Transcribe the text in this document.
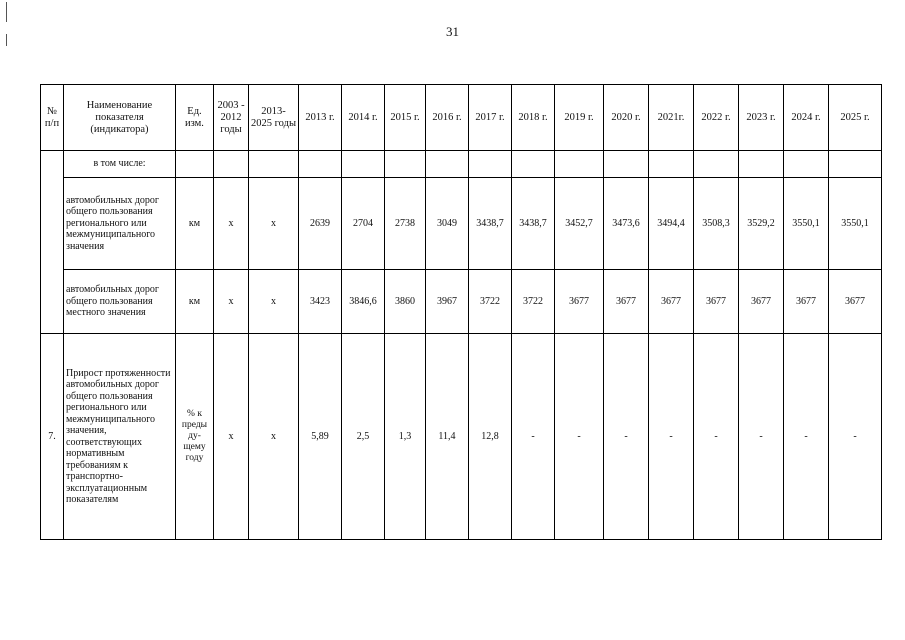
31
№ п/п	Наименование показателя (индикатора)	Ед. изм.	2003 - 2012 годы	2013- 2025 годы	2013 г.	2014 г.	2015 г.	2016 г.	2017 г.	2018 г.	2019 г.	2020 г.	2021г.	2022 г.	2023 г.	2024 г.	2025 г.
	в том числе:																
	автомобильных дорог общего пользования регионального или межмуниципального значения	км	х	х	2639	2704	2738	3049	3438,7	3438,7	3452,7	3473,6	3494,4	3508,3	3529,2	3550,1	3550,1
	автомобильных дорог общего пользования местного значения	км	х	х	3423	3846,6	3860	3967	3722	3722	3677	3677	3677	3677	3677	3677	3677
7.	Прирост протяженности автомобильных дорог общего пользования регионального или межмуниципального значения, соответствующих нормативным требованиям к транспортно-эксплуатационным показателям	% к преды ду-щему году	х	х	5,89	2,5	1,3	11,4	12,8	-	-	-	-	-	-	-	-
